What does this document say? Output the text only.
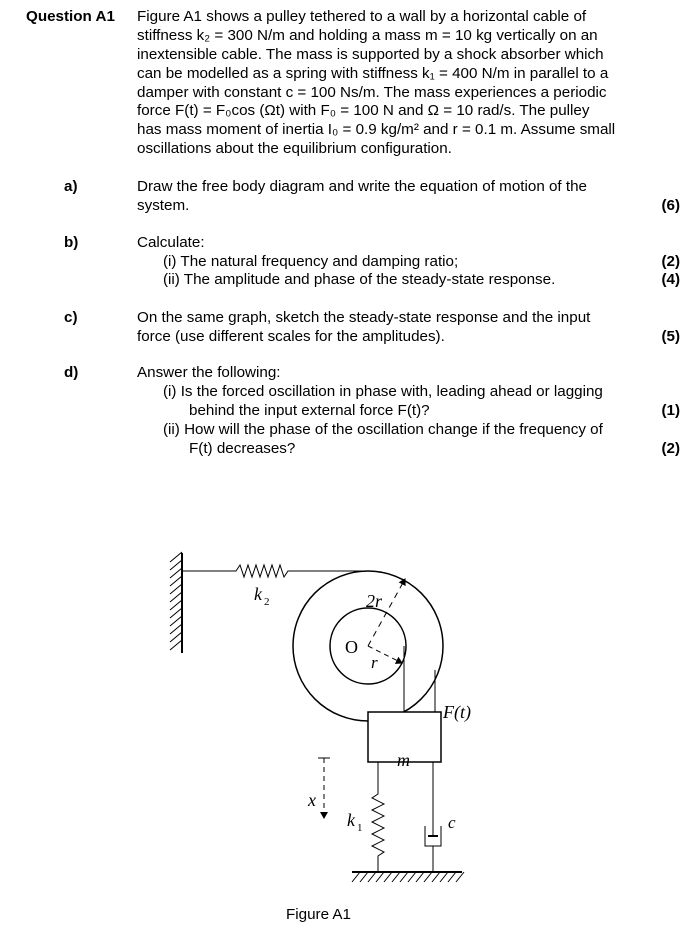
Question A1 Figure A1 shows a pulley tethered to a wall by a horizontal cable of
stiffness k₂ = 300 N/m and holding a mass m = 10 kg vertically on an
inextensible cable. The mass is supported by a shock absorber which
can be modelled as a spring with stiffness k₁ = 400 N/m in parallel to a
damper with constant c = 100 Ns/m. The mass experiences a periodic
force F(t) = F₀cos (Ωt) with F₀ = 100 N and Ω = 10 rad/s. The pulley
has mass moment of inertia I₀ = 0.9 kg/m² and r = 0.1 m. Assume small
oscillations about the equilibrium configuration.
a)	Draw the free body diagram and write the equation of motion of the
system.	(6)
b)	Calculate:
(i) The natural frequency and damping ratio;	(2)
(ii) The amplitude and phase of the steady-state response.	(4)
c)	On the same graph, sketch the steady-state response and the input
force (use different scales for the amplitudes).	(5)
d)	Answer the following:
(i) Is the forced oscillation in phase with, leading ahead or lagging
behind the input external force F(t)?	(1)
(ii) How will the phase of the oscillation change if the frequency of
F(t) decreases?	(2)
k 2	2r
O
r
F(t)
m
x
k 1	c
Figure A1
